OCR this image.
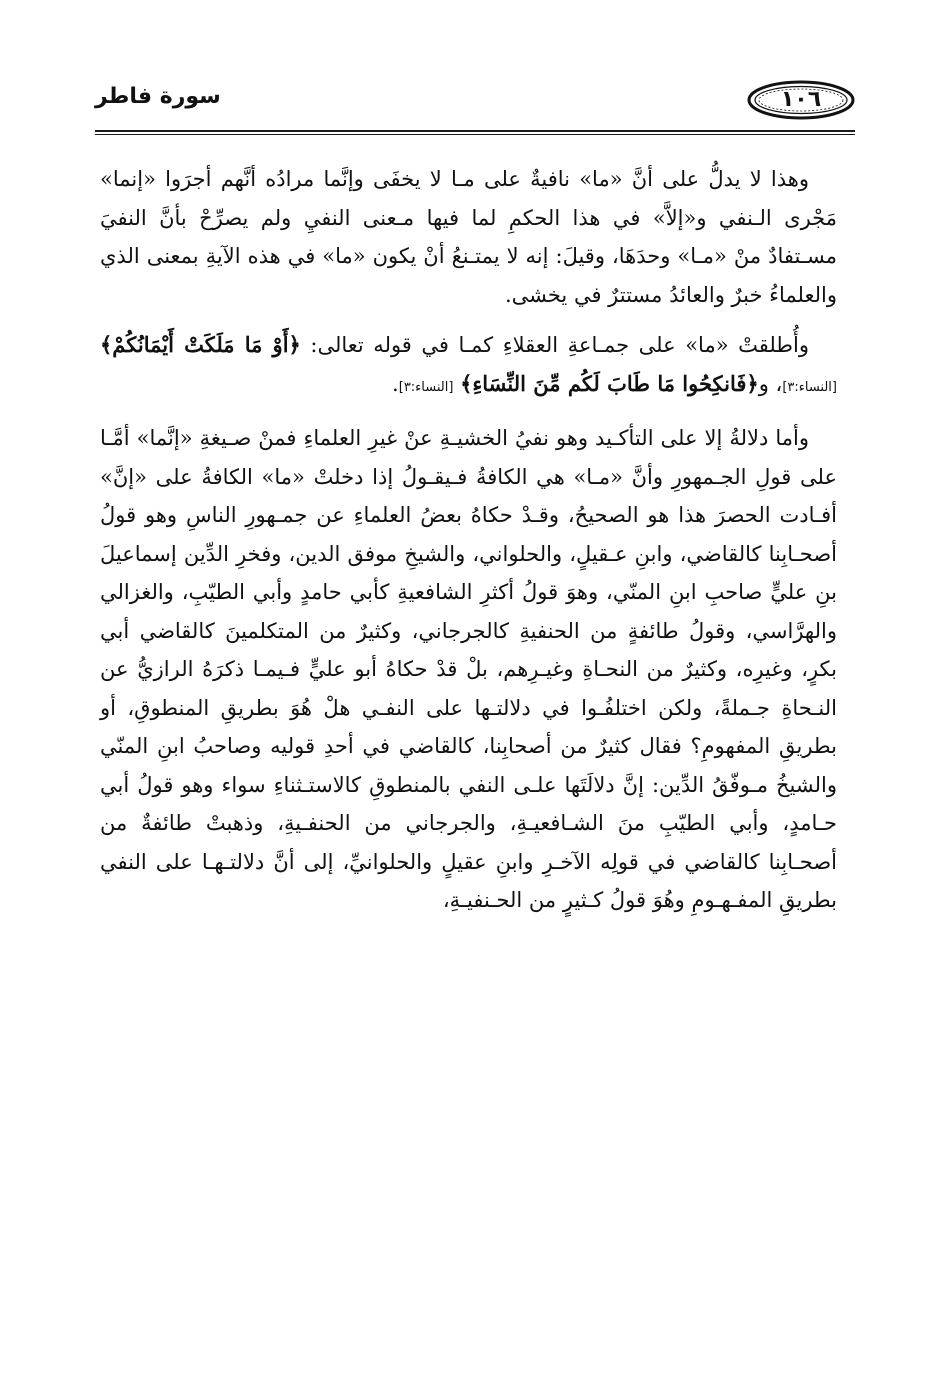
١٠٦
سورة فاطر

وهذا لا يدلُّ على أنَّ «ما» نافيةٌ على مـا لا يخفَى وإنَّما مرادُه أنَّهم أجرَوا «إنما» مَجْرى الـنفي و«إلاَّ» في هذا الحكمِ لما فيها مـعنى النفيِ ولم يصرِّحْ بأنَّ النفيَ مسـتفادٌ منْ «مـا» وحدَهَا، وقيلَ: إنه لا يمتـنعُ أنْ يكون «ما» في هذه الآيةِ بمعنى الذي والعلماءُ خبرٌ والعائدُ مستترٌ في يخشى.

وأُطلقتْ «ما» على جمـاعةِ العقلاءِ كمـا في قوله تعالى: ﴿أَوْ مَا مَلَكَتْ أَيْمَانُكُمْ﴾ [النساء:٣]، و﴿فَانكِحُوا مَا طَابَ لَكُم مِّنَ النِّسَاءِ﴾ [النساء:٣].

وأما دلالةُ إلا على التأكـيد وهو نفيُ الخشيـةِ عنْ غيرِ العلماءِ فمنْ صـيغةِ «إنَّما» أمَّـا على قولِ الجـمهورِ وأنَّ «مـا» هي الكافةُ فـيقـولُ إذا دخلتْ «ما» الكافةُ على «إنَّ» أفـادت الحصرَ هذا هو الصحيحُ، وقـدْ حكاهُ بعضُ العلماءِ عن جمـهورِ الناسِ وهو قولُ أصحـابِنا كالقاضي، وابنِ عـقيلٍ، والحلواني، والشيخِ موفق الدين، وفخرِ الدِّين إسماعيلَ بنِ عليٍّ صاحبِ ابنِ المنّي، وهوَ قولُ أكثرِ الشافعيةِ كأبي حامدٍ وأبي الطيّبِ، والغزالي والهرَّاسي، وقولُ طائفةٍ من الحنفيةِ كالجرجاني، وكثيرٌ من المتكلمينَ كالقاضي أبي بكرٍ، وغيرِه، وكثيرٌ من النحـاةِ وغيـرِهم، بلْ قدْ حكاهُ أبو عليٍّ فـيمـا ذكرَهُ الرازيُّ عن النـحاةِ جـملةً، ولكن اختلفُـوا في دلالتـها على النفـي هلْ هُوَ بطريقِ المنطوقِ، أو بطريقِ المفهومِ؟ فقال كثيرٌ من أصحابِنا، كالقاضي في أحدِ قوليه وصاحبُ ابنِ المنّي والشيخُ مـوفّقُ الدِّين: إنَّ دلالَتَها علـى النفي بالمنطوقِ كالاستـثناءِ سواء وهو قولُ أبي حـامدٍ، وأبي الطيّبِ منَ الشـافعيـةِ، والجرجاني من الحنفـيةِ، وذهبتْ طائفةٌ من أصحـابِنا كالقاضي في قولِه الآخـرِ وابنِ عقيلٍ والحلوانيِّ، إلى أنَّ دلالتـهـا على النفي بطريقِ المفـهـومِ وهُوَ قولُ كـثيرٍ من الحـنفيـةِ،
